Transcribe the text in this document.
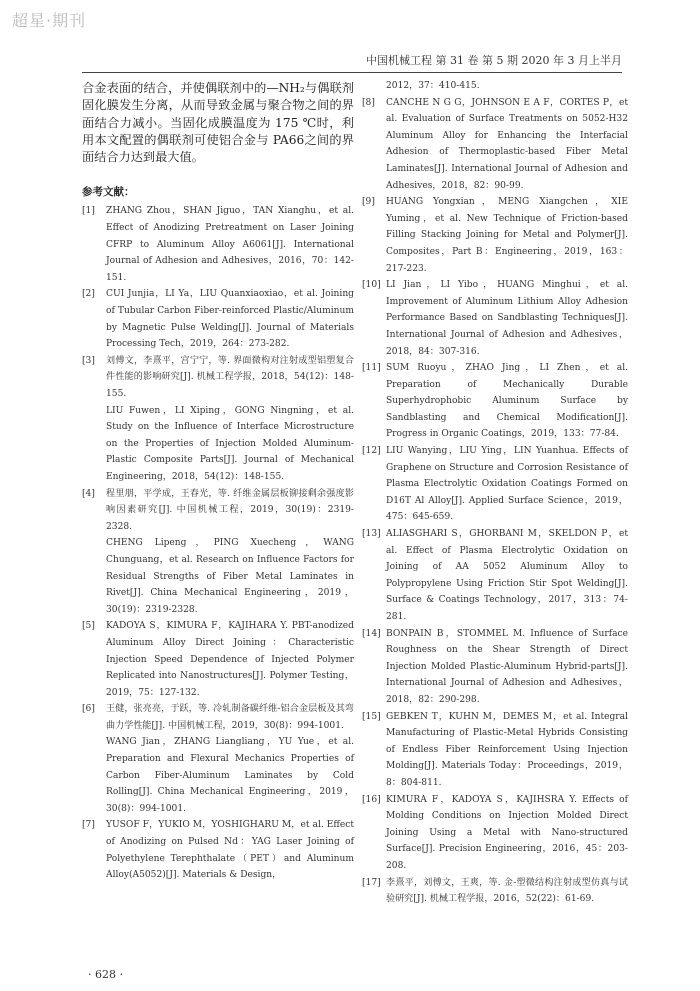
超星·期刊
中国机械工程 第 31 卷 第 5 期 2020 年 3 月上半月

合金表面的结合，并使偶联剂中的—NH₂与偶联剂固化膜发生分离，从而导致金属与聚合物之间的界面结合力减小。当固化成膜温度为 175 ℃时，利用本文配置的偶联剂可使铝合金与 PA66之间的界面结合力达到最大值。

参考文献：
[1] ZHANG Zhou，SHAN Jiguo，TAN Xianghu，et al. Effect of Anodizing Pretreatment on Laser Joining CFRP to Aluminum Alloy A6061[J]. International Journal of Adhesion and Adhesives，2016，70：142-151.
[2] CUI Junjia，LI Ya，LIU Quanxiaoxiao，et al. Joining of Tubular Carbon Fiber-reinforced Plastic/Aluminum by Magnetic Pulse Welding[J]. Journal of Materials Processing Tech，2019，264：273-282.
[3] 刘傅文，李熹平，宫宁宁，等. 界面微构对注射成型铝塑复合件性能的影响研究[J]. 机械工程学报，2018，54(12)：148-155.
LIU Fuwen，LI Xiping，GONG Ningning，et al. Study on the Influence of Interface Microstructure on the Properties of Injection Molded Aluminum-Plastic Composite Parts[J]. Journal of Mechanical Engineering，2018，54(12)：148-155.
[4] 程里朋，平学成，王春光，等. 纤维金属层板铆接剩余强度影响因素研究[J]. 中国机械工程，2019，30(19)：2319-2328.
CHENG Lipeng，PING Xuecheng，WANG Chunguang，et al. Research on Influence Factors for Residual Strengths of Fiber Metal Laminates in Rivet[J]. China Mechanical Engineering，2019，30(19)：2319-2328.
[5] KADOYA S，KIMURA F，KAJIHARA Y. PBT-anodized Aluminum Alloy Direct Joining：Characteristic Injection Speed Dependence of Injected Polymer Replicated into Nanostructures[J]. Polymer Testing，2019，75：127-132.
[6] 王健，张亮亮，于跃，等. 冷轧制备碳纤维-铝合金层板及其弯曲力学性能[J]. 中国机械工程，2019，30(8)：994-1001.
WANG Jian，ZHANG Liangliang，YU Yue，et al. Preparation and Flexural Mechanics Properties of Carbon Fiber-Aluminum Laminates by Cold Rolling[J]. China Mechanical Engineering，2019，30(8)：994-1001.
[7] YUSOF F，YUKIO M，YOSHIGHARU M，et al. Effect of Anodizing on Pulsed Nd：YAG Laser Joining of Polyethylene Terephthalate（PET）and Aluminum Alloy(A5052)[J]. Materials & Design，
2012，37：410-415.
[8] CANCHE N G G，JOHNSON E A F，CORTES P，et al. Evaluation of Surface Treatments on 5052-H32 Aluminum Alloy for Enhancing the Interfacial Adhesion of Thermoplastic-based Fiber Metal Laminates[J]. International Journal of Adhesion and Adhesives，2018，82：90-99.
[9] HUANG Yongxian，MENG Xiangchen，XIE Yuming，et al. New Technique of Friction-based Filling Stacking Joining for Metal and Polymer[J]. Composites，Part B：Engineering，2019，163：217-223.
[10] LI Jian，LI Yibo，HUANG Minghui，et al. Improvement of Aluminum Lithium Alloy Adhesion Performance Based on Sandblasting Techniques[J]. International Journal of Adhesion and Adhesives，2018，84：307-316.
[11] SUM Ruoyu，ZHAO Jing，LI Zhen，et al. Preparation of Mechanically Durable Superhydrophobic Aluminum Surface by Sandblasting and Chemical Modification[J]. Progress in Organic Coatings，2019，133：77-84.
[12] LIU Wanying，LIU Ying，LIN Yuanhua. Effects of Graphene on Structure and Corrosion Resistance of Plasma Electrolytic Oxidation Coatings Formed on D16T Al Alloy[J]. Applied Surface Science，2019，475：645-659.
[13] ALIASGHARI S，GHORBANI M，SKELDON P，et al. Effect of Plasma Electrolytic Oxidation on Joining of AA 5052 Aluminum Alloy to Polypropylene Using Friction Stir Spot Welding[J]. Surface & Coatings Technology，2017，313：74-281.
[14] BONPAIN B，STOMMEL M. Influence of Surface Roughness on the Shear Strength of Direct Injection Molded Plastic-Aluminum Hybrid-parts[J]. International Journal of Adhesion and Adhesives，2018，82：290-298.
[15] GEBKEN T，KUHN M，DEMES M，et al. Integral Manufacturing of Plastic-Metal Hybrids Consisting of Endless Fiber Reinforcement Using Injection Molding[J]. Materials Today：Proceedings，2019，8：804-811.
[16] KIMURA F，KADOYA S，KAJIHSRA Y. Effects of Molding Conditions on Injection Molded Direct Joining Using a Metal with Nano-structured Surface[J]. Precision Engineering，2016，45：203-208.
[17] 李熹平，刘傅文，王爽，等. 金-塑微结构注射成型仿真与试验研究[J]. 机械工程学报，2016，52(22)：61-69.
· 628 ·
